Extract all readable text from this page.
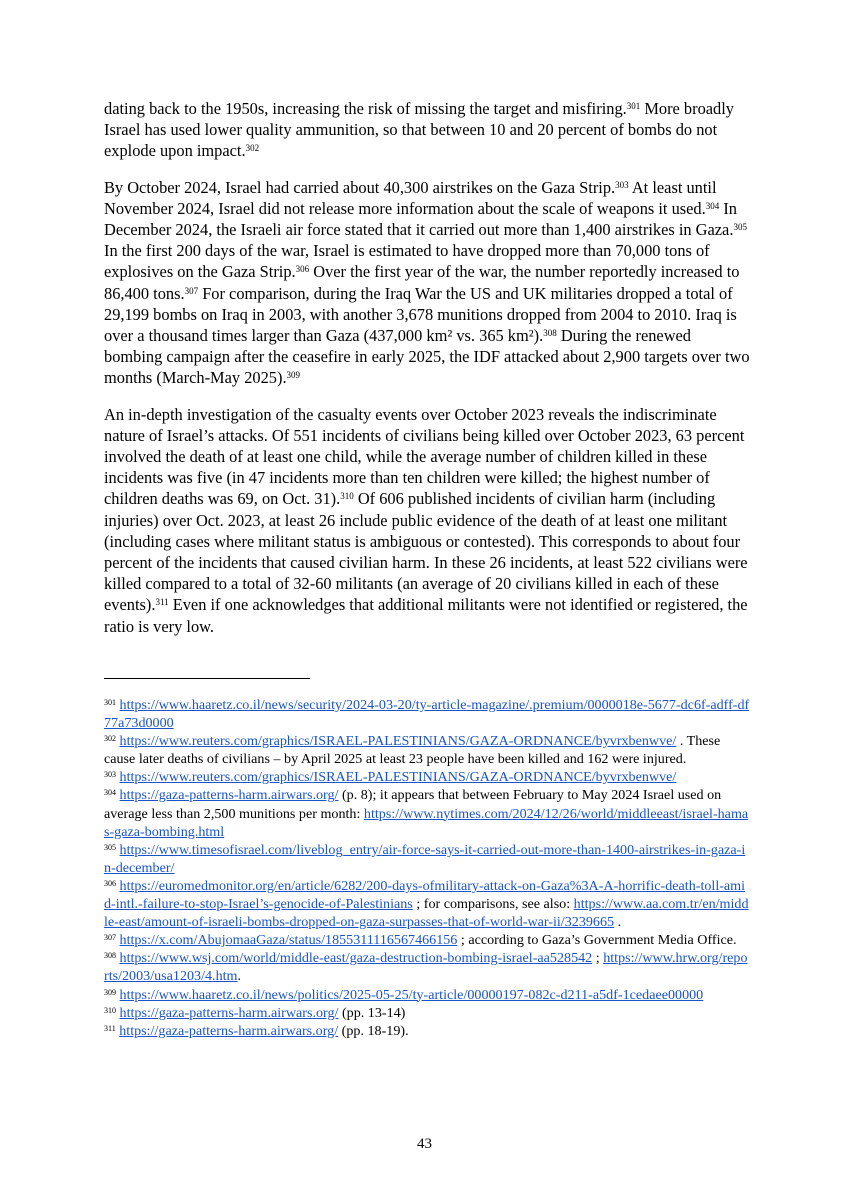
dating back to the 1950s, increasing the risk of missing the target and misfiring.$^{301}$ More broadly Israel has used lower quality ammunition, so that between 10 and 20 percent of bombs do not explode upon impact.$^{302}$

By October 2024, Israel had carried about 40,300 airstrikes on the Gaza Strip.$^{303}$ At least until November 2024, Israel did not release more information about the scale of weapons it used.$^{304}$ In December 2024, the Israeli air force stated that it carried out more than 1,400 airstrikes in Gaza.$^{305}$ In the first 200 days of the war, Israel is estimated to have dropped more than 70,000 tons of explosives on the Gaza Strip.$^{306}$ Over the first year of the war, the number reportedly increased to 86,400 tons.$^{307}$ For comparison, during the Iraq War the US and UK militaries dropped a total of 29,199 bombs on Iraq in 2003, with another 3,678 munitions dropped from 2004 to 2010. Iraq is over a thousand times larger than Gaza (437,000 km² vs. 365 km²).$^{308}$ During the renewed bombing campaign after the ceasefire in early 2025, the IDF attacked about 2,900 targets over two months (March-May 2025).$^{309}$

An in-depth investigation of the casualty events over October 2023 reveals the indiscriminate nature of Israel’s attacks. Of 551 incidents of civilians being killed over October 2023, 63 percent involved the death of at least one child, while the average number of children killed in these incidents was five (in 47 incidents more than ten children were killed; the highest number of children deaths was 69, on Oct. 31).$^{310}$ Of 606 published incidents of civilian harm (including injuries) over Oct. 2023, at least 26 include public evidence of the death of at least one militant (including cases where militant status is ambiguous or contested). This corresponds to about four percent of the incidents that caused civilian harm. In these 26 incidents, at least 522 civilians were killed compared to a total of 32-60 militants (an average of 20 civilians killed in each of these events).$^{311}$ Even if one acknowledges that additional militants were not identified or registered, the ratio is very low.

$^{301}$ https://www.haaretz.co.il/news/security/2024-03-20/ty-article-magazine/.premium/0000018e-5677-dc6f-adff-df77a73d0000
$^{302}$ https://www.reuters.com/graphics/ISRAEL-PALESTINIANS/GAZA-ORDNANCE/byvrxbenwve/ . These cause later deaths of civilians – by April 2025 at least 23 people have been killed and 162 were injured.
$^{303}$ https://www.reuters.com/graphics/ISRAEL-PALESTINIANS/GAZA-ORDNANCE/byvrxbenwve/
$^{304}$ https://gaza-patterns-harm.airwars.org/ (p. 8); it appears that between February to May 2024 Israel used on average less than 2,500 munitions per month: https://www.nytimes.com/2024/12/26/world/middleeast/israel-hamas-gaza-bombing.html
$^{305}$ https://www.timesofisrael.com/liveblog_entry/air-force-says-it-carried-out-more-than-1400-airstrikes-in-gaza-in-december/
$^{306}$ https://euromedmonitor.org/en/article/6282/200-days-ofmilitary-attack-on-Gaza%3A-A-horrific-death-toll-amid-intl.-failure-to-stop-Israel’s-genocide-of-Palestinians ; for comparisons, see also: https://www.aa.com.tr/en/middle-east/amount-of-israeli-bombs-dropped-on-gaza-surpasses-that-of-world-war-ii/3239665 .
$^{307}$ https://x.com/AbujomaaGaza/status/1855311116567466156 ; according to Gaza’s Government Media Office.
$^{308}$ https://www.wsj.com/world/middle-east/gaza-destruction-bombing-israel-aa528542 ; https://www.hrw.org/reports/2003/usa1203/4.htm.
$^{309}$ https://www.haaretz.co.il/news/politics/2025-05-25/ty-article/00000197-082c-d211-a5df-1cedaee00000
$^{310}$ https://gaza-patterns-harm.airwars.org/ (pp. 13-14)
$^{311}$ https://gaza-patterns-harm.airwars.org/ (pp. 18-19).
43
